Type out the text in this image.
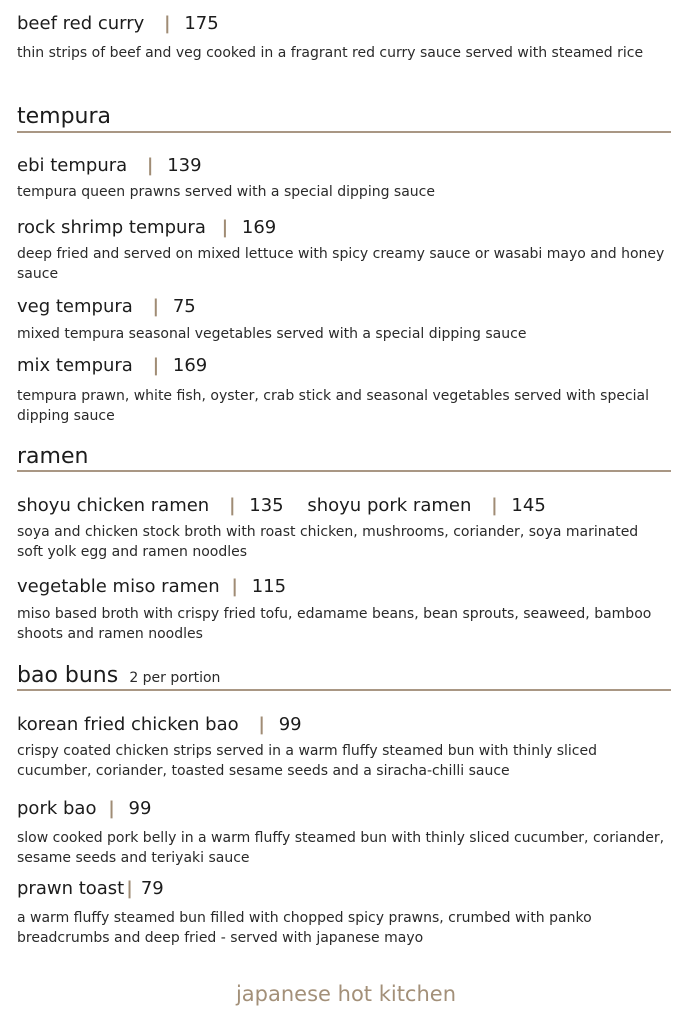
beef red curry | 175
thin strips of beef and veg cooked in a fragrant red curry sauce served with steamed rice
tempura
ebi tempura | 139
tempura queen prawns served with a special dipping sauce
rock shrimp tempura | 169
deep fried and served on mixed lettuce with spicy creamy sauce or wasabi mayo and honey sauce
veg tempura | 75
mixed tempura seasonal vegetables served with a special dipping sauce
mix tempura | 169
tempura prawn, white fish, oyster, crab stick and seasonal vegetables served with special dipping sauce
ramen
shoyu chicken ramen | 135 shoyu pork ramen | 145
soya and chicken stock broth with roast chicken, mushrooms, coriander, soya marinated soft yolk egg and ramen noodles
vegetable miso ramen | 115
miso based broth with crispy fried tofu, edamame beans, bean sprouts, seaweed, bamboo shoots and ramen noodles
bao buns 2 per portion
korean fried chicken bao | 99
crispy coated chicken strips served in a warm fluffy steamed bun with thinly sliced cucumber, coriander, toasted sesame seeds and a siracha-chilli sauce
pork bao | 99
slow cooked pork belly in a warm fluffy steamed bun with thinly sliced cucumber, coriander, sesame seeds and teriyaki sauce
prawn toast | 79
a warm fluffy steamed bun filled with chopped spicy prawns, crumbed with panko breadcrumbs and deep fried - served with japanese mayo
japanese hot kitchen
